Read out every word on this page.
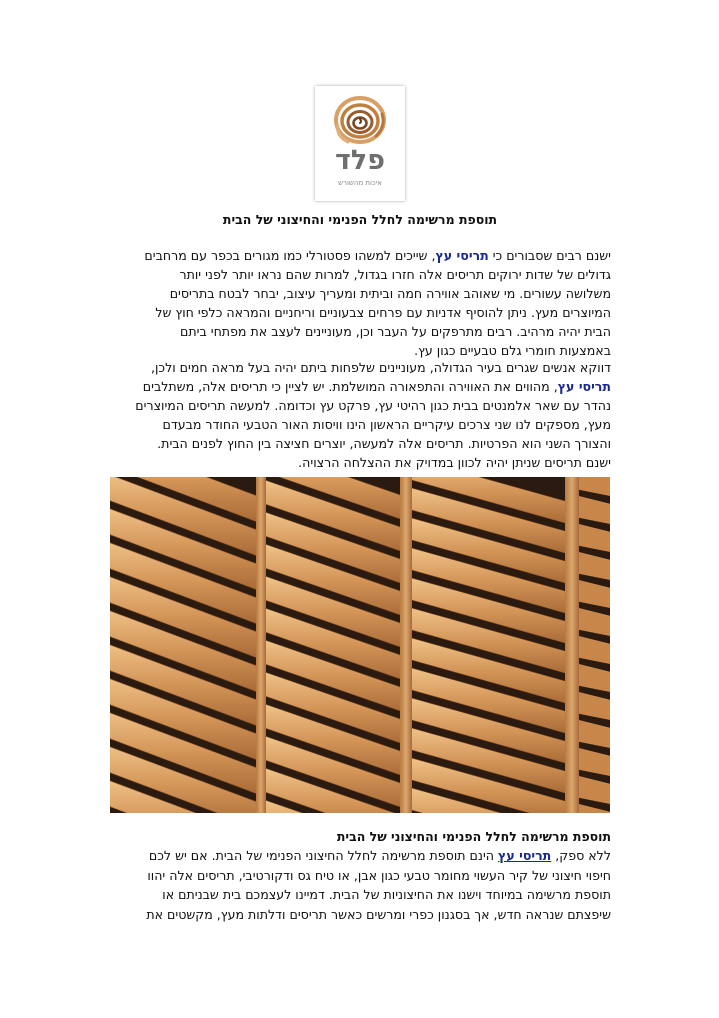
פלד
איכות מהשורש
תוספת מרשימה לחלל הפנימי והחיצוני של הבית
ישנם רבים שסבורים כי תריסי עץ, שייכים למשהו פסטורלי כמו מגורים בכפר עם מרחבים
גדולים של שדות ירוקים תריסים אלה חזרו בגדול, למרות שהם נראו יותר לפני יותר
משלושה עשורים. מי שאוהב אווירה חמה וביתית ומעריך עיצוב, יבחר לבטח בתריסים
המיוצרים מעץ. ניתן להוסיף אדניות עם פרחים צבעוניים וריחניים והמראה כלפי חוץ של
הבית יהיה מרהיב. רבים מתרפקים על העבר וכן, מעוניינים לעצב את מפתחי ביתם
באמצעות חומרי גלם טבעיים כגון עץ.
דווקא אנשים שגרים בעיר הגדולה, מעוניינים שלפחות ביתם יהיה בעל מראה חמים ולכן,
תריסי עץ, מהווים את האווירה והתפאורה המושלמת. יש לציין כי תריסים אלה, משתלבים
נהדר עם שאר אלמנטים בבית כגון רהיטי עץ, פרקט עץ וכדומה. למעשה תריסים המיוצרים
מעץ, מספקים לנו שני צרכים עיקריים הראשון הינו וויסות האור הטבעי החודר מבעדם
והצורך השני הוא הפרטיות. תריסים אלה למעשה, יוצרים חציצה בין החוץ לפנים הבית.
ישנם תריסים שניתן יהיה לכוון במדויק את ההצלחה הרצויה.
תוספת מרשימה לחלל הפנימי והחיצוני של הבית
ללא ספק, תריסי עץ הינם תוספת מרשימה לחלל החיצוני הפנימי של הבית. אם יש לכם
חיפוי חיצוני של קיר העשוי מחומר טבעי כגון אבן, או טיח גס ודקורטיבי, תריסים אלה יהוו
תוספת מרשימה במיוחד וישנו את החיצוניות של הבית. דמיינו לעצמכם בית שבניתם או
שיפצתם שנראה חדש, אך בסגנון כפרי ומרשים כאשר תריסים ודלתות מעץ, מקשטים את
